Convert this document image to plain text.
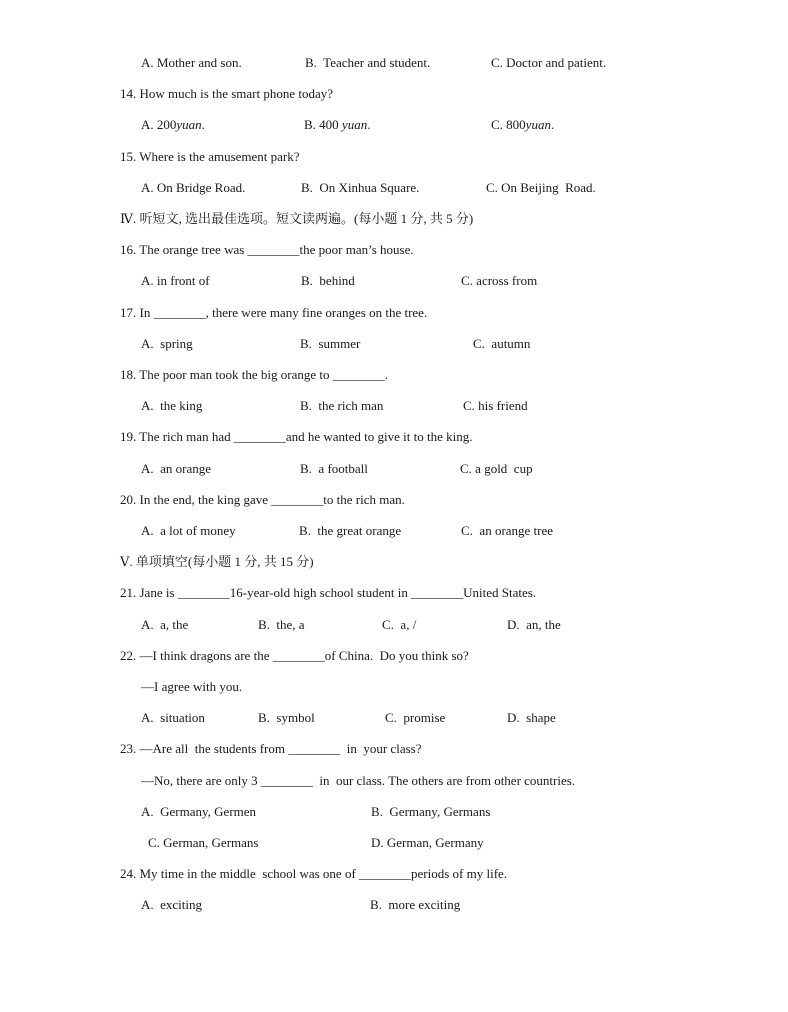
A. Mother and son.	B.  Teacher and student.	C. Doctor and patient.
14. How much is the smart phone today?
A. 200yuan.	B. 400 yuan.	C. 800yuan.
15. Where is the amusement park?
A. On Bridge Road.	B.  On Xinhua Square.	C. On Beijing  Road.
Ⅳ. 听短文, 选出最佳选项。短文读两遍。(每小题 1 分, 共 5 分)
16. The orange tree was ________the poor man’s house.
A. in front of	B.  behind	C. across from
17. In ________, there were many fine oranges on the tree.
A.  spring	B.  summer	C.  autumn
18. The poor man took the big orange to ________.
A.  the king	B.  the rich man	C. his friend
19. The rich man had ________and he wanted to give it to the king.
A.  an orange	B.  a football	C. a gold  cup
20. In the end, the king gave ________to the rich man.
A.  a lot of money	B.  the great orange	C.  an orange tree
Ⅴ. 单项填空(每小题 1 分, 共 15 分)
21. Jane is ________16-year-old high school student in ________United States.
A.  a, the	B.  the, a	C.  a, /	D.  an, the
22. —I think dragons are the ________of China.  Do you think so?
—I agree with you.
A.  situation	B.  symbol	C.  promise	D.  shape
23. —Are all  the students from ________  in  your class?
—No, there are only 3 ________  in  our class. The others are from other countries.
A.  Germany, Germen	B.  Germany, Germans
C. German, Germans	D. German, Germany
24. My time in the middle  school was one of ________periods of my life.
A.  exciting	B.  more exciting
